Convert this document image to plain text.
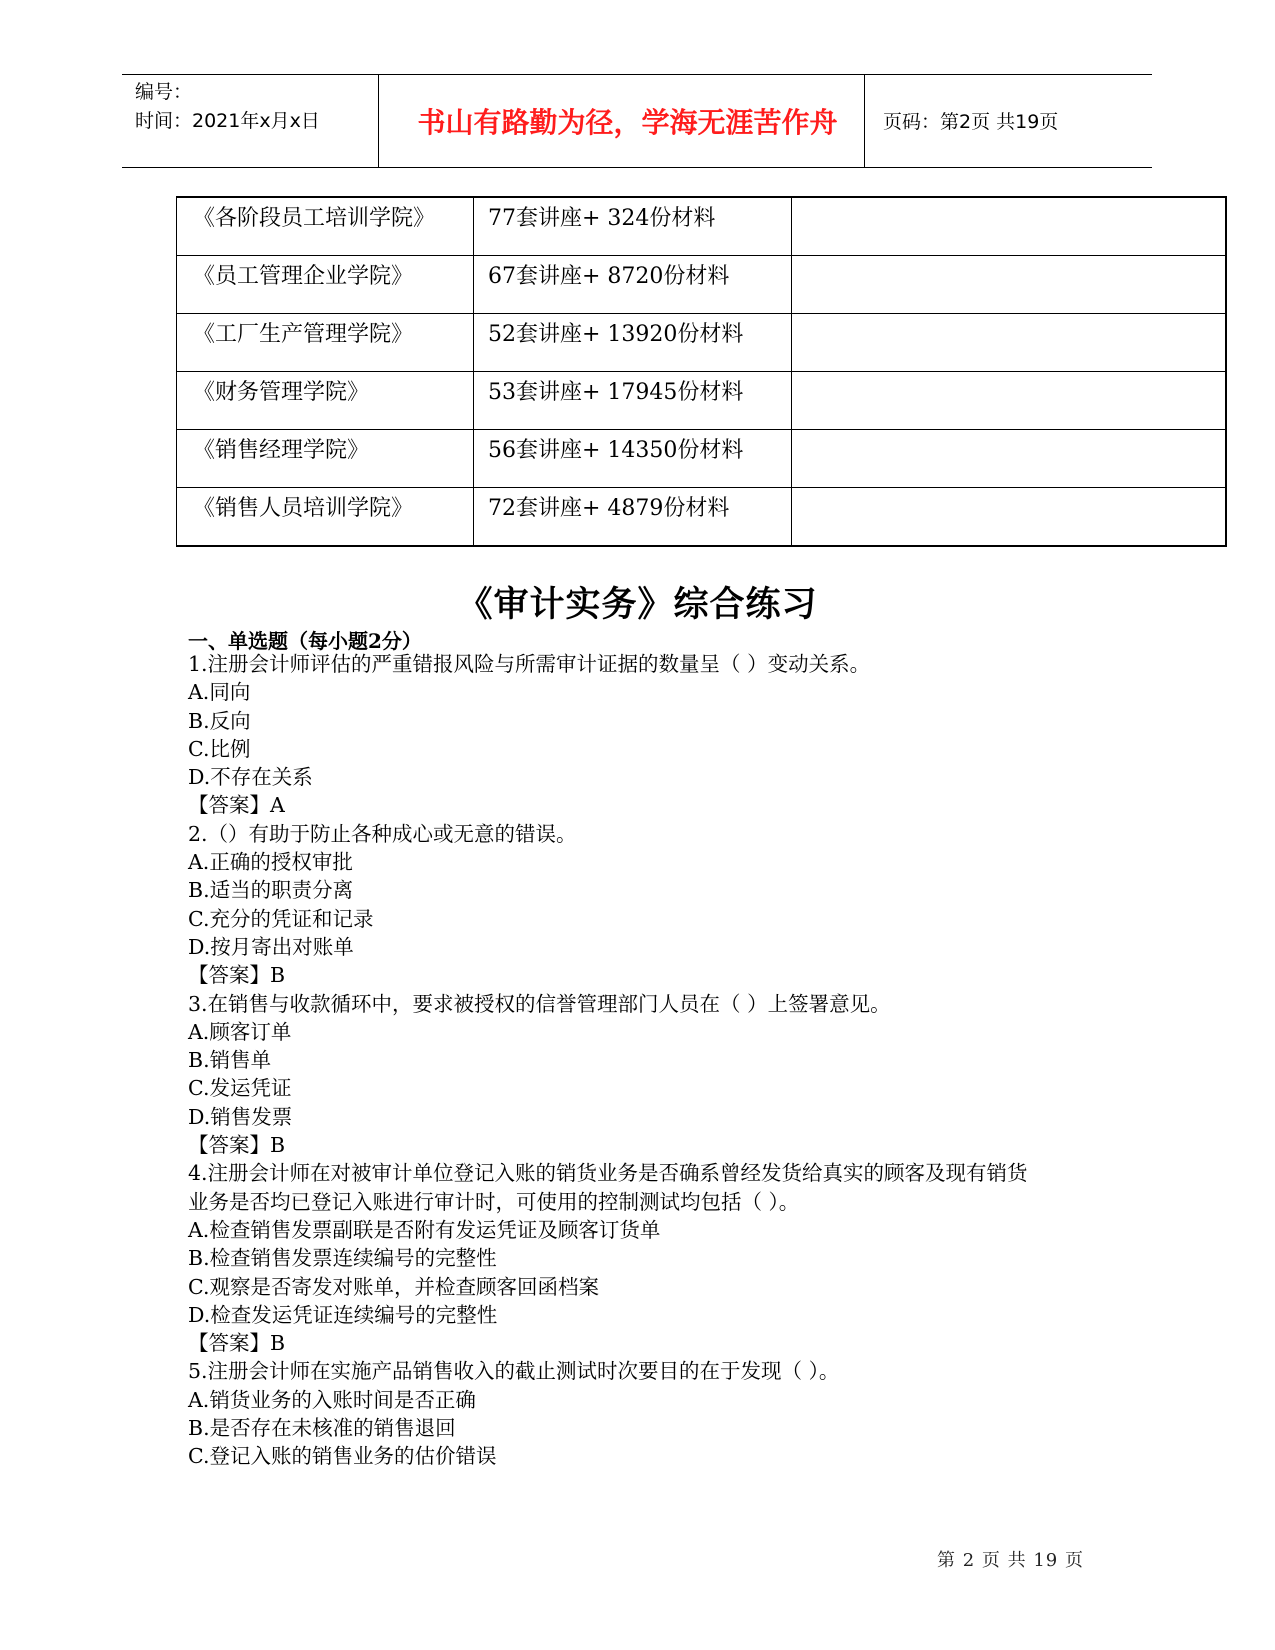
编号：
时间：2021年x月x日	书山有路勤为径，学海无涯苦作舟	页码：第2页 共19页
《各阶段员工培训学院》	77套讲座+ 324份材料	
《员工管理企业学院》	67套讲座+ 8720份材料	
《工厂生产管理学院》	52套讲座+ 13920份材料	
《财务管理学院》	53套讲座+ 17945份材料	
《销售经理学院》	56套讲座+ 14350份材料	
《销售人员培训学院》	72套讲座+ 4879份材料	
《审计实务》综合练习
一、单选题（每小题2分）
1.注册会计师评估的严重错报风险与所需审计证据的数量呈（ ）变动关系。
A.同向
B.反向
C.比例
D.不存在关系
【答案】A
2.（）有助于防止各种成心或无意的错误。
A.正确的授权审批
B.适当的职责分离
C.充分的凭证和记录
D.按月寄出对账单
【答案】B
3.在销售与收款循环中，要求被授权的信誉管理部门人员在（ ）上签署意见。
A.顾客订单
B.销售单
C.发运凭证
D.销售发票
【答案】B
4.注册会计师在对被审计单位登记入账的销货业务是否确系曾经发货给真实的顾客及现有销货
业务是否均已登记入账进行审计时，可使用的控制测试均包括（ ）。
A.检查销售发票副联是否附有发运凭证及顾客订货单
B.检查销售发票连续编号的完整性
C.观察是否寄发对账单，并检查顾客回函档案
D.检查发运凭证连续编号的完整性
【答案】B
5.注册会计师在实施产品销售收入的截止测试时次要目的在于发现（ ）。
A.销货业务的入账时间是否正确
B.是否存在未核准的销售退回
C.登记入账的销售业务的估价错误
第 2 页 共 19 页
